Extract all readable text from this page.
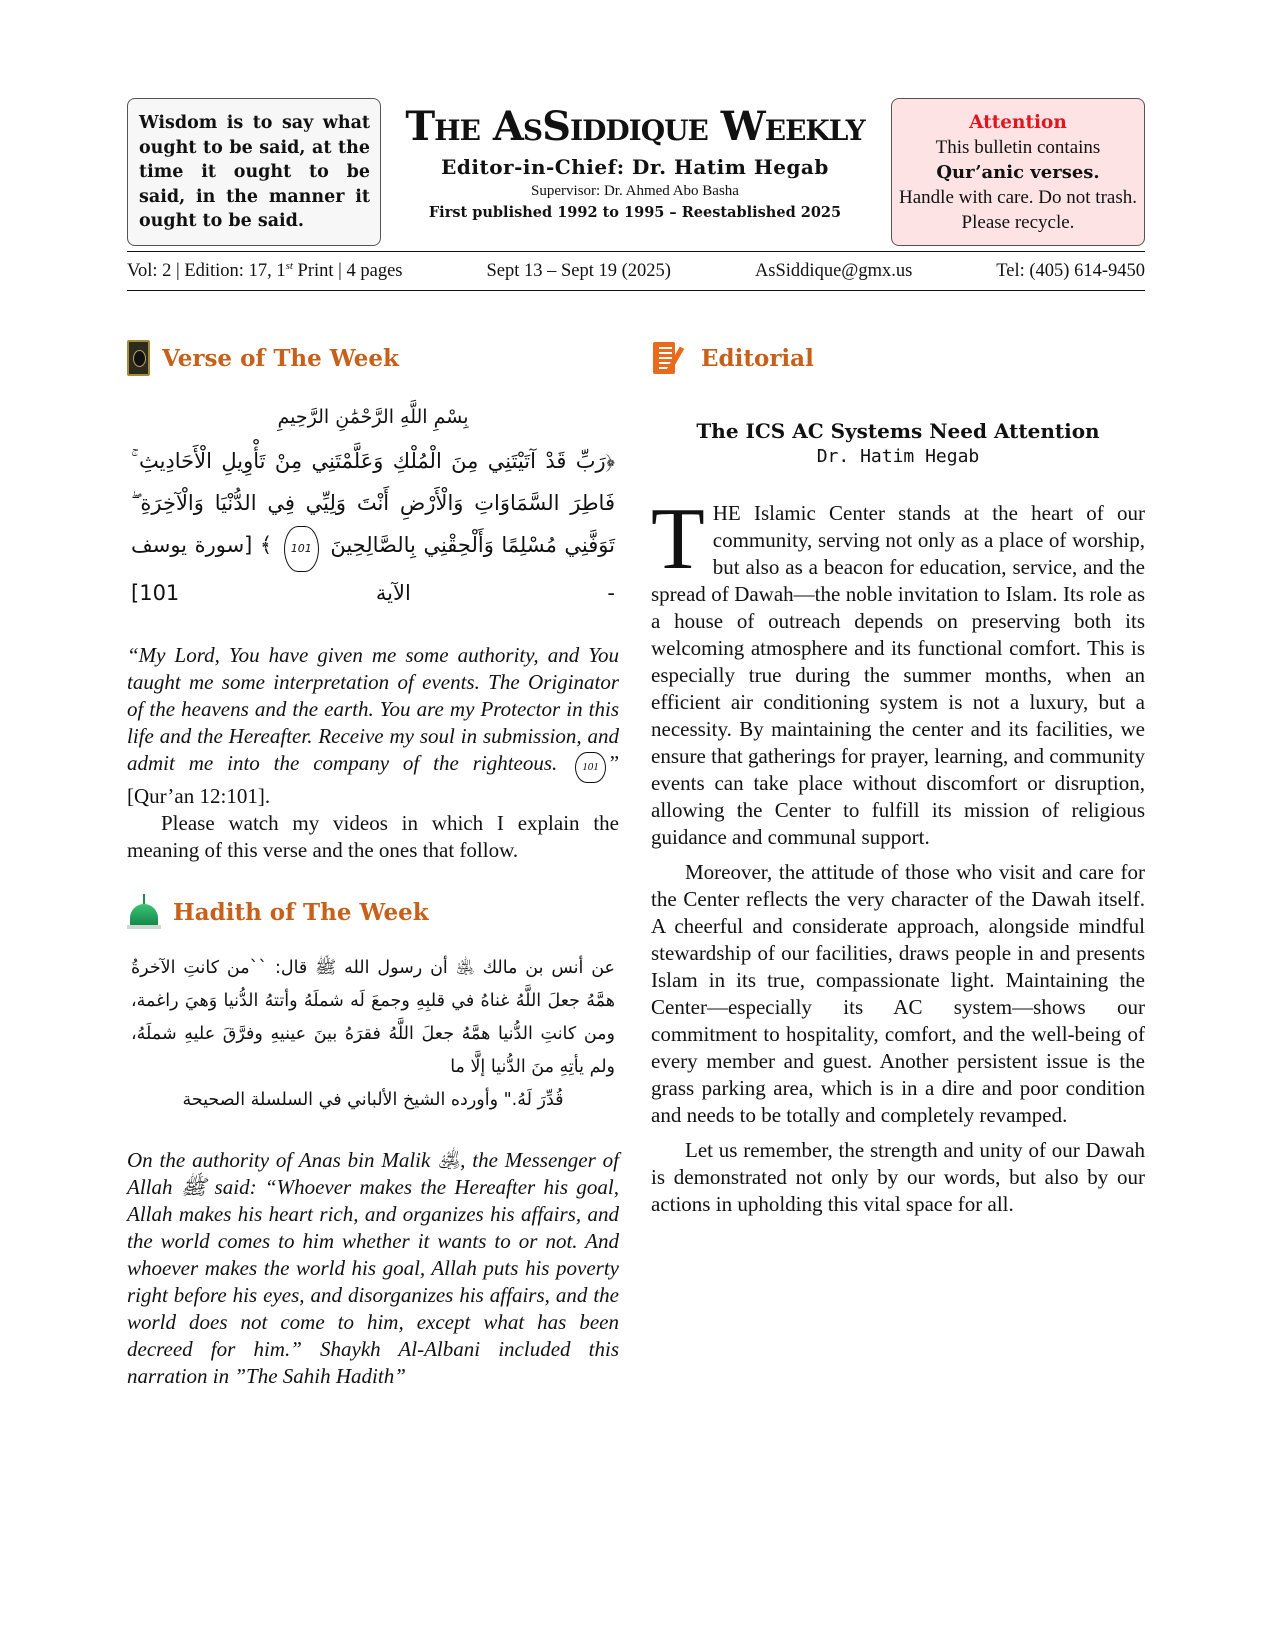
Wisdom is to say what ought to be said, at the time it ought to be said, in the manner it ought to be said.
The AsSiddique Weekly
Editor-in-Chief: Dr. Hatim Hegab
Supervisor: Dr. Ahmed Abo Basha
First published 1992 to 1995 – Reestablished 2025
Attention
This bulletin contains
Qur’anic verses.
Handle with care. Do not trash. Please recycle.
Vol: 2 | Edition: 17, 1st Print | 4 pages	Sept 13 – Sept 19 (2025)	AsSiddique@gmx.us	Tel: (405) 614-9450
Verse of The Week
بِسْمِ اللَّهِ الرَّحْمَٰنِ الرَّحِيمِ
﴿رَبِّ قَدْ آتَيْتَنِي مِنَ الْمُلْكِ وَعَلَّمْتَنِي مِنْ تَأْوِيلِ الْأَحَادِيثِ ۚ فَاطِرَ السَّمَاوَاتِ وَالْأَرْضِ أَنْتَ وَلِيِّي فِي الدُّنْيَا وَالْآخِرَةِ ۖ تَوَفَّنِي مُسْلِمًا وَأَلْحِقْنِي بِالصَّالِحِينَ 101 ﴾ [سورة يوسف - الآية 101]
“My Lord, You have given me some authority, and You taught me some interpretation of events. The Originator of the heavens and the earth. You are my Protector in this life and the Hereafter. Receive my soul in submission, and admit me into the company of the righteous. 101 ” [Qur’an 12:101].
Please watch my videos in which I explain the meaning of this verse and the ones that follow.
Hadith of The Week
عن أنس بن مالك ﵁ أن رسول الله ﷺ قال: ``من كانتِ الآخرةُ همَّهُ جعلَ اللَّهُ غناهُ في قلبِهِ وجمعَ لَه شملَهُ وأتتهُ الدُّنيا وَهيَ راغمة، ومن كانتِ الدُّنيا همَّهُ جعلَ اللَّهُ فقرَهُ بينَ عينيهِ وفرَّقَ عليهِ شملَهُ، ولم يأتِهِ منَ الدُّنيا إلَّا ما
قُدِّرَ لَهُ." وأورده الشيخ الألباني في السلسلة الصحيحة
On the authority of Anas bin Malik ﵁, the Messenger of Allah ﷺ said: “Whoever makes the Hereafter his goal, Allah makes his heart rich, and organizes his affairs, and the world comes to him whether it wants to or not. And whoever makes the world his goal, Allah puts his poverty right before his eyes, and disorganizes his affairs, and the world does not come to him, except what has been decreed for him.” Shaykh Al-Albani included this narration in ”The Sahih Hadith”
Editorial
The ICS AC Systems Need Attention
Dr. Hatim Hegab
THE Islamic Center stands at the heart of our community, serving not only as a place of worship, but also as a beacon for education, service, and the spread of Dawah—the noble invitation to Islam. Its role as a house of outreach depends on preserving both its welcoming atmosphere and its functional comfort. This is especially true during the summer months, when an efficient air conditioning system is not a luxury, but a necessity. By maintaining the center and its facilities, we ensure that gatherings for prayer, learning, and community events can take place without discomfort or disruption, allowing the Center to fulfill its mission of religious guidance and communal support.
Moreover, the attitude of those who visit and care for the Center reflects the very character of the Dawah itself. A cheerful and considerate approach, alongside mindful stewardship of our facilities, draws people in and presents Islam in its true, compassionate light. Maintaining the Center—especially its AC system—shows our commitment to hospitality, comfort, and the well-being of every member and guest. Another persistent issue is the grass parking area, which is in a dire and poor condition and needs to be totally and completely revamped.
Let us remember, the strength and unity of our Dawah is demonstrated not only by our words, but also by our actions in upholding this vital space for all.
